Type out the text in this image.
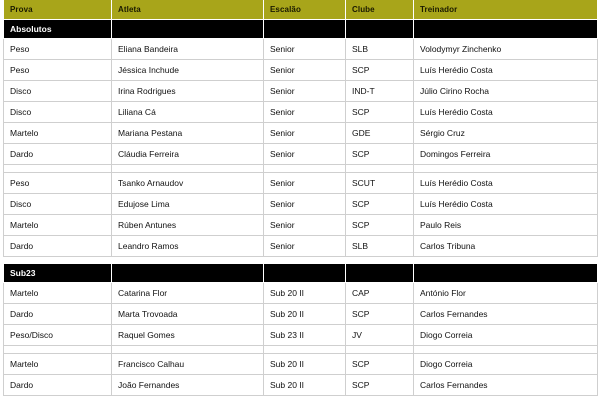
Prova	Atleta	Escalão	Clube	Treinador
Absolutos				
Peso	Eliana Bandeira	Senior	SLB	Volodymyr Zinchenko
Peso	Jéssica Inchude	Senior	SCP	Luís Herédio Costa
Disco	Irina Rodrigues	Senior	IND-T	Júlio Cirino Rocha
Disco	Liliana Cá	Senior	SCP	Luís Herédio Costa
Martelo	Mariana Pestana	Senior	GDE	Sérgio Cruz
Dardo	Cláudia Ferreira	Senior	SCP	Domingos Ferreira

Peso	Tsanko Arnaudov	Senior	SCUT	Luís Herédio Costa
Disco	Edujose Lima	Senior	SCP	Luís Herédio Costa
Martelo	Rúben Antunes	Senior	SCP	Paulo Reis
Dardo	Leandro Ramos	Senior	SLB	Carlos Tribuna

Sub23				
Martelo	Catarina Flor	Sub 20 II	CAP	António Flor
Dardo	Marta Trovoada	Sub 20 II	SCP	Carlos Fernandes
Peso/Disco	Raquel Gomes	Sub 23 II	JV	Diogo Correia

Martelo	Francisco Calhau	Sub 20 II	SCP	Diogo Correia
Dardo	João Fernandes	Sub 20 II	SCP	Carlos Fernandes
